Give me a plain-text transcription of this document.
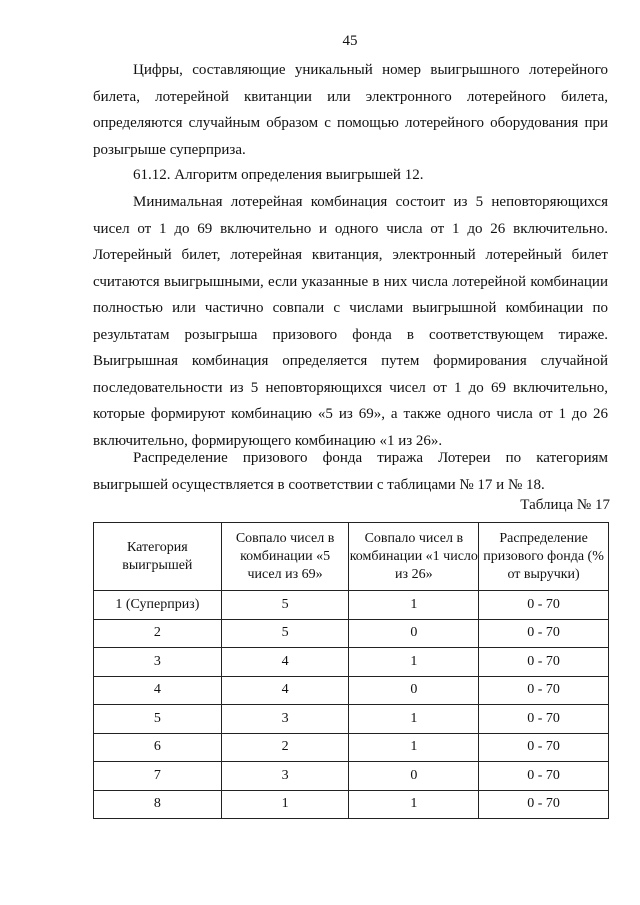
45

Цифры, составляющие уникальный номер выигрышного лотерейного билета, лотерейной квитанции или электронного лотерейного билета, определяются случайным образом с помощью лотерейного оборудования при розыгрыше суперприза.

61.12. Алгоритм определения выигрышей 12.

Минимальная лотерейная комбинация состоит из 5 неповторяющихся чисел от 1 до 69 включительно и одного числа от 1 до 26 включительно. Лотерейный билет, лотерейная квитанция, электронный лотерейный билет считаются выигрышными, если указанные в них числа лотерейной комбинации полностью или частично совпали с числами выигрышной комбинации по результатам розыгрыша призового фонда в соответствующем тираже. Выигрышная комбинация определяется путем формирования случайной последовательности из 5 неповторяющихся чисел от 1 до 69 включительно, которые формируют комбинацию «5 из 69», а также одного числа от 1 до 26 включительно, формирующего комбинацию «1 из 26».

Распределение призового фонда тиража Лотереи по категориям выигрышей осуществляется в соответствии с таблицами № 17 и № 18.

Таблица № 17
Категория выигрышей	Совпало чисел в комбинации «5 чисел из 69»	Совпало чисел в комбинации «1 число из 26»	Распределение призового фонда (% от выручки)
1 (Суперприз)	5	1	0 - 70
2	5	0	0 - 70
3	4	1	0 - 70
4	4	0	0 - 70
5	3	1	0 - 70
6	2	1	0 - 70
7	3	0	0 - 70
8	1	1	0 - 70
